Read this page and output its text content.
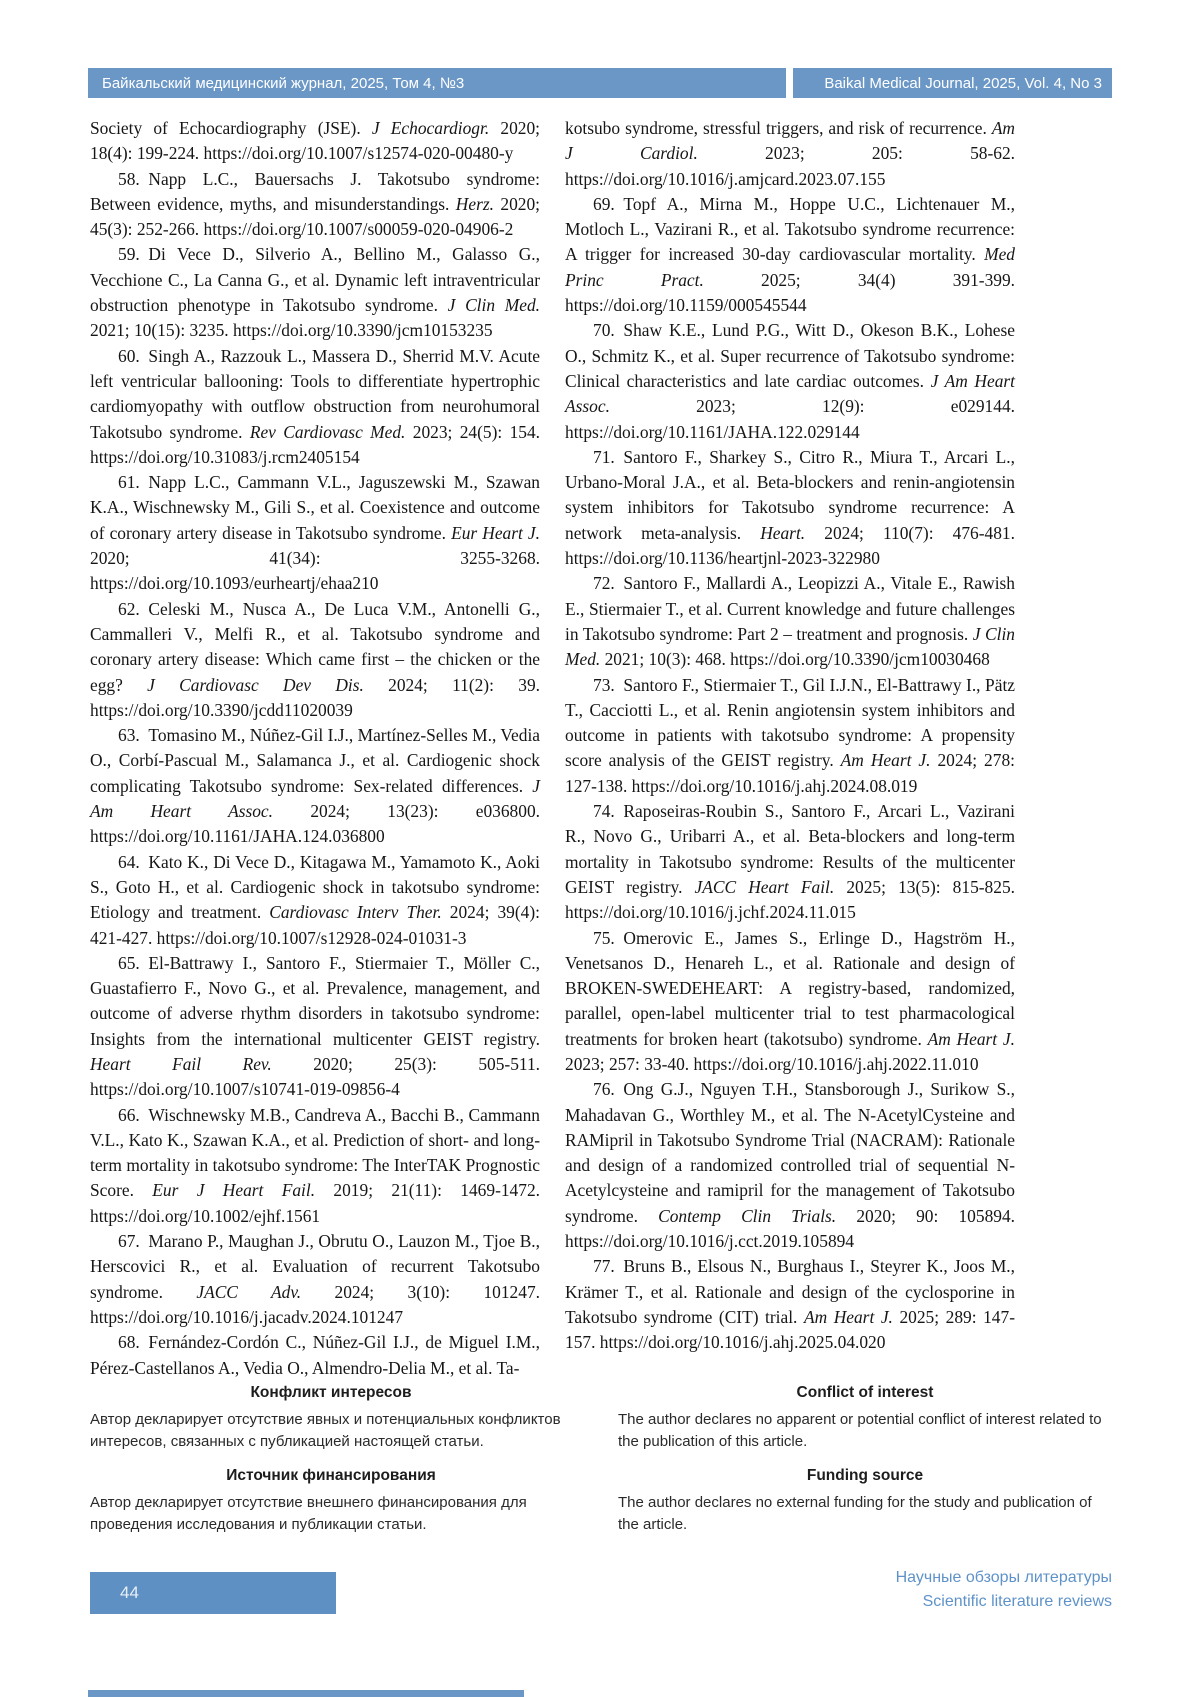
Байкальский медицинский журнал, 2025, Том 4, №3	Baikal Medical Journal, 2025, Vol. 4, No 3

Society of Echocardiography (JSE). J Echocardiogr. 2020; 18(4): 199-224. https://doi.org/10.1007/s12574-020-00480-y

58. Napp L.C., Bauersachs J. Takotsubo syndrome: Between evidence, myths, and misunderstandings. Herz. 2020; 45(3): 252-266. https://doi.org/10.1007/s00059-020-04906-2

59. Di Vece D., Silverio A., Bellino M., Galasso G., Vecchione C., La Canna G., et al. Dynamic left intraventricular obstruction phenotype in Takotsubo syndrome. J Clin Med. 2021; 10(15): 3235. https://doi.org/10.3390/jcm10153235

60. Singh A., Razzouk L., Massera D., Sherrid M.V. Acute left ventricular ballooning: Tools to differentiate hypertrophic cardiomyopathy with outflow obstruction from neurohumoral Takotsubo syndrome. Rev Cardiovasc Med. 2023; 24(5): 154. https://doi.org/10.31083/j.rcm2405154

61. Napp L.C., Cammann V.L., Jaguszewski M., Szawan K.A., Wischnewsky M., Gili S., et al. Coexistence and outcome of coronary artery disease in Takotsubo syndrome. Eur Heart J. 2020; 41(34): 3255-3268. https://doi.org/10.1093/eurheartj/ehaa210

62. Celeski M., Nusca A., De Luca V.M., Antonelli G., Cammalleri V., Melfi R., et al. Takotsubo syndrome and coronary artery disease: Which came first – the chicken or the egg? J Cardiovasc Dev Dis. 2024; 11(2): 39. https://doi.org/10.3390/jcdd11020039

63. Tomasino M., Núñez-Gil I.J., Martínez-Selles M., Vedia O., Corbí-Pascual M., Salamanca J., et al. Cardiogenic shock complicating Takotsubo syndrome: Sex-related differences. J Am Heart Assoc. 2024; 13(23): e036800. https://doi.org/10.1161/JAHA.124.036800

64. Kato K., Di Vece D., Kitagawa M., Yamamoto K., Aoki S., Goto H., et al. Cardiogenic shock in takotsubo syndrome: Etiology and treatment. Cardiovasc Interv Ther. 2024; 39(4): 421-427. https://doi.org/10.1007/s12928-024-01031-3

65. El-Battrawy I., Santoro F., Stiermaier T., Möller C., Guastafierro F., Novo G., et al. Prevalence, management, and outcome of adverse rhythm disorders in takotsubo syndrome: Insights from the international multicenter GEIST registry. Heart Fail Rev. 2020; 25(3): 505-511. https://doi.org/10.1007/s10741-019-09856-4

66. Wischnewsky M.B., Candreva A., Bacchi B., Cammann V.L., Kato K., Szawan K.A., et al. Prediction of short- and long-term mortality in takotsubo syndrome: The InterTAK Prognostic Score. Eur J Heart Fail. 2019; 21(11): 1469-1472. https://doi.org/10.1002/ejhf.1561

67. Marano P., Maughan J., Obrutu O., Lauzon M., Tjoe B., Herscovici R., et al. Evaluation of recurrent Takotsubo syndrome. JACC Adv. 2024; 3(10): 101247. https://doi.org/10.1016/j.jacadv.2024.101247

68. Fernández-Cordón C., Núñez-Gil I.J., de Miguel I.M., Pérez-Castellanos A., Vedia O., Almendro-Delia M., et al. Ta-

kotsubo syndrome, stressful triggers, and risk of recurrence. Am J Cardiol. 2023; 205: 58-62. https://doi.org/10.1016/j.amjcard.2023.07.155

69. Topf A., Mirna M., Hoppe U.C., Lichtenauer M., Motloch L., Vazirani R., et al. Takotsubo syndrome recurrence: A trigger for increased 30-day cardiovascular mortality. Med Princ Pract. 2025; 34(4) 391-399. https://doi.org/10.1159/000545544

70. Shaw K.E., Lund P.G., Witt D., Okeson B.K., Lohese O., Schmitz K., et al. Super recurrence of Takotsubo syndrome: Clinical characteristics and late cardiac outcomes. J Am Heart Assoc. 2023; 12(9): e029144. https://doi.org/10.1161/JAHA.122.029144

71. Santoro F., Sharkey S., Citro R., Miura T., Arcari L., Urbano-Moral J.A., et al. Beta-blockers and renin-angiotensin system inhibitors for Takotsubo syndrome recurrence: A network meta-analysis. Heart. 2024; 110(7): 476-481. https://doi.org/10.1136/heartjnl-2023-322980

72. Santoro F., Mallardi A., Leopizzi A., Vitale E., Rawish E., Stiermaier T., et al. Current knowledge and future challenges in Takotsubo syndrome: Part 2 – treatment and prognosis. J Clin Med. 2021; 10(3): 468. https://doi.org/10.3390/jcm10030468

73. Santoro F., Stiermaier T., Gil I.J.N., El-Battrawy I., Pätz T., Cacciotti L., et al. Renin angiotensin system inhibitors and outcome in patients with takotsubo syndrome: A propensity score analysis of the GEIST registry. Am Heart J. 2024; 278: 127-138. https://doi.org/10.1016/j.ahj.2024.08.019

74. Raposeiras-Roubin S., Santoro F., Arcari L., Vazirani R., Novo G., Uribarri A., et al. Beta-blockers and long-term mortality in Takotsubo syndrome: Results of the multicenter GEIST registry. JACC Heart Fail. 2025; 13(5): 815-825. https://doi.org/10.1016/j.jchf.2024.11.015

75. Omerovic E., James S., Erlinge D., Hagström H., Venetsanos D., Henareh L., et al. Rationale and design of BROKEN-SWEDEHEART: A registry-based, randomized, parallel, open-label multicenter trial to test pharmacological treatments for broken heart (takotsubo) syndrome. Am Heart J. 2023; 257: 33-40. https://doi.org/10.1016/j.ahj.2022.11.010

76. Ong G.J., Nguyen T.H., Stansborough J., Surikow S., Mahadavan G., Worthley M., et al. The N-AcetylCysteine and RAMipril in Takotsubo Syndrome Trial (NACRAM): Rationale and design of a randomized controlled trial of sequential N-Acetylcysteine and ramipril for the management of Takotsubo syndrome. Contemp Clin Trials. 2020; 90: 105894. https://doi.org/10.1016/j.cct.2019.105894

77. Bruns B., Elsous N., Burghaus I., Steyrer K., Joos M., Krämer T., et al. Rationale and design of the cyclosporine in Takotsubo syndrome (CIT) trial. Am Heart J. 2025; 289: 147-157. https://doi.org/10.1016/j.ahj.2025.04.020

Конфликт интересов

Автор декларирует отсутствие явных и потенциальных конфликтов интересов, связанных с публикацией настоящей статьи.

Conflict of interest

The author declares no apparent or potential conflict of interest related to the publication of this article.

Источник финансирования

Автор декларирует отсутствие внешнего финансирования для проведения исследования и публикации статьи.

Funding source

The author declares no external funding for the study and publication of the article.

44
Научные обзоры литературы
Scientific literature reviews
